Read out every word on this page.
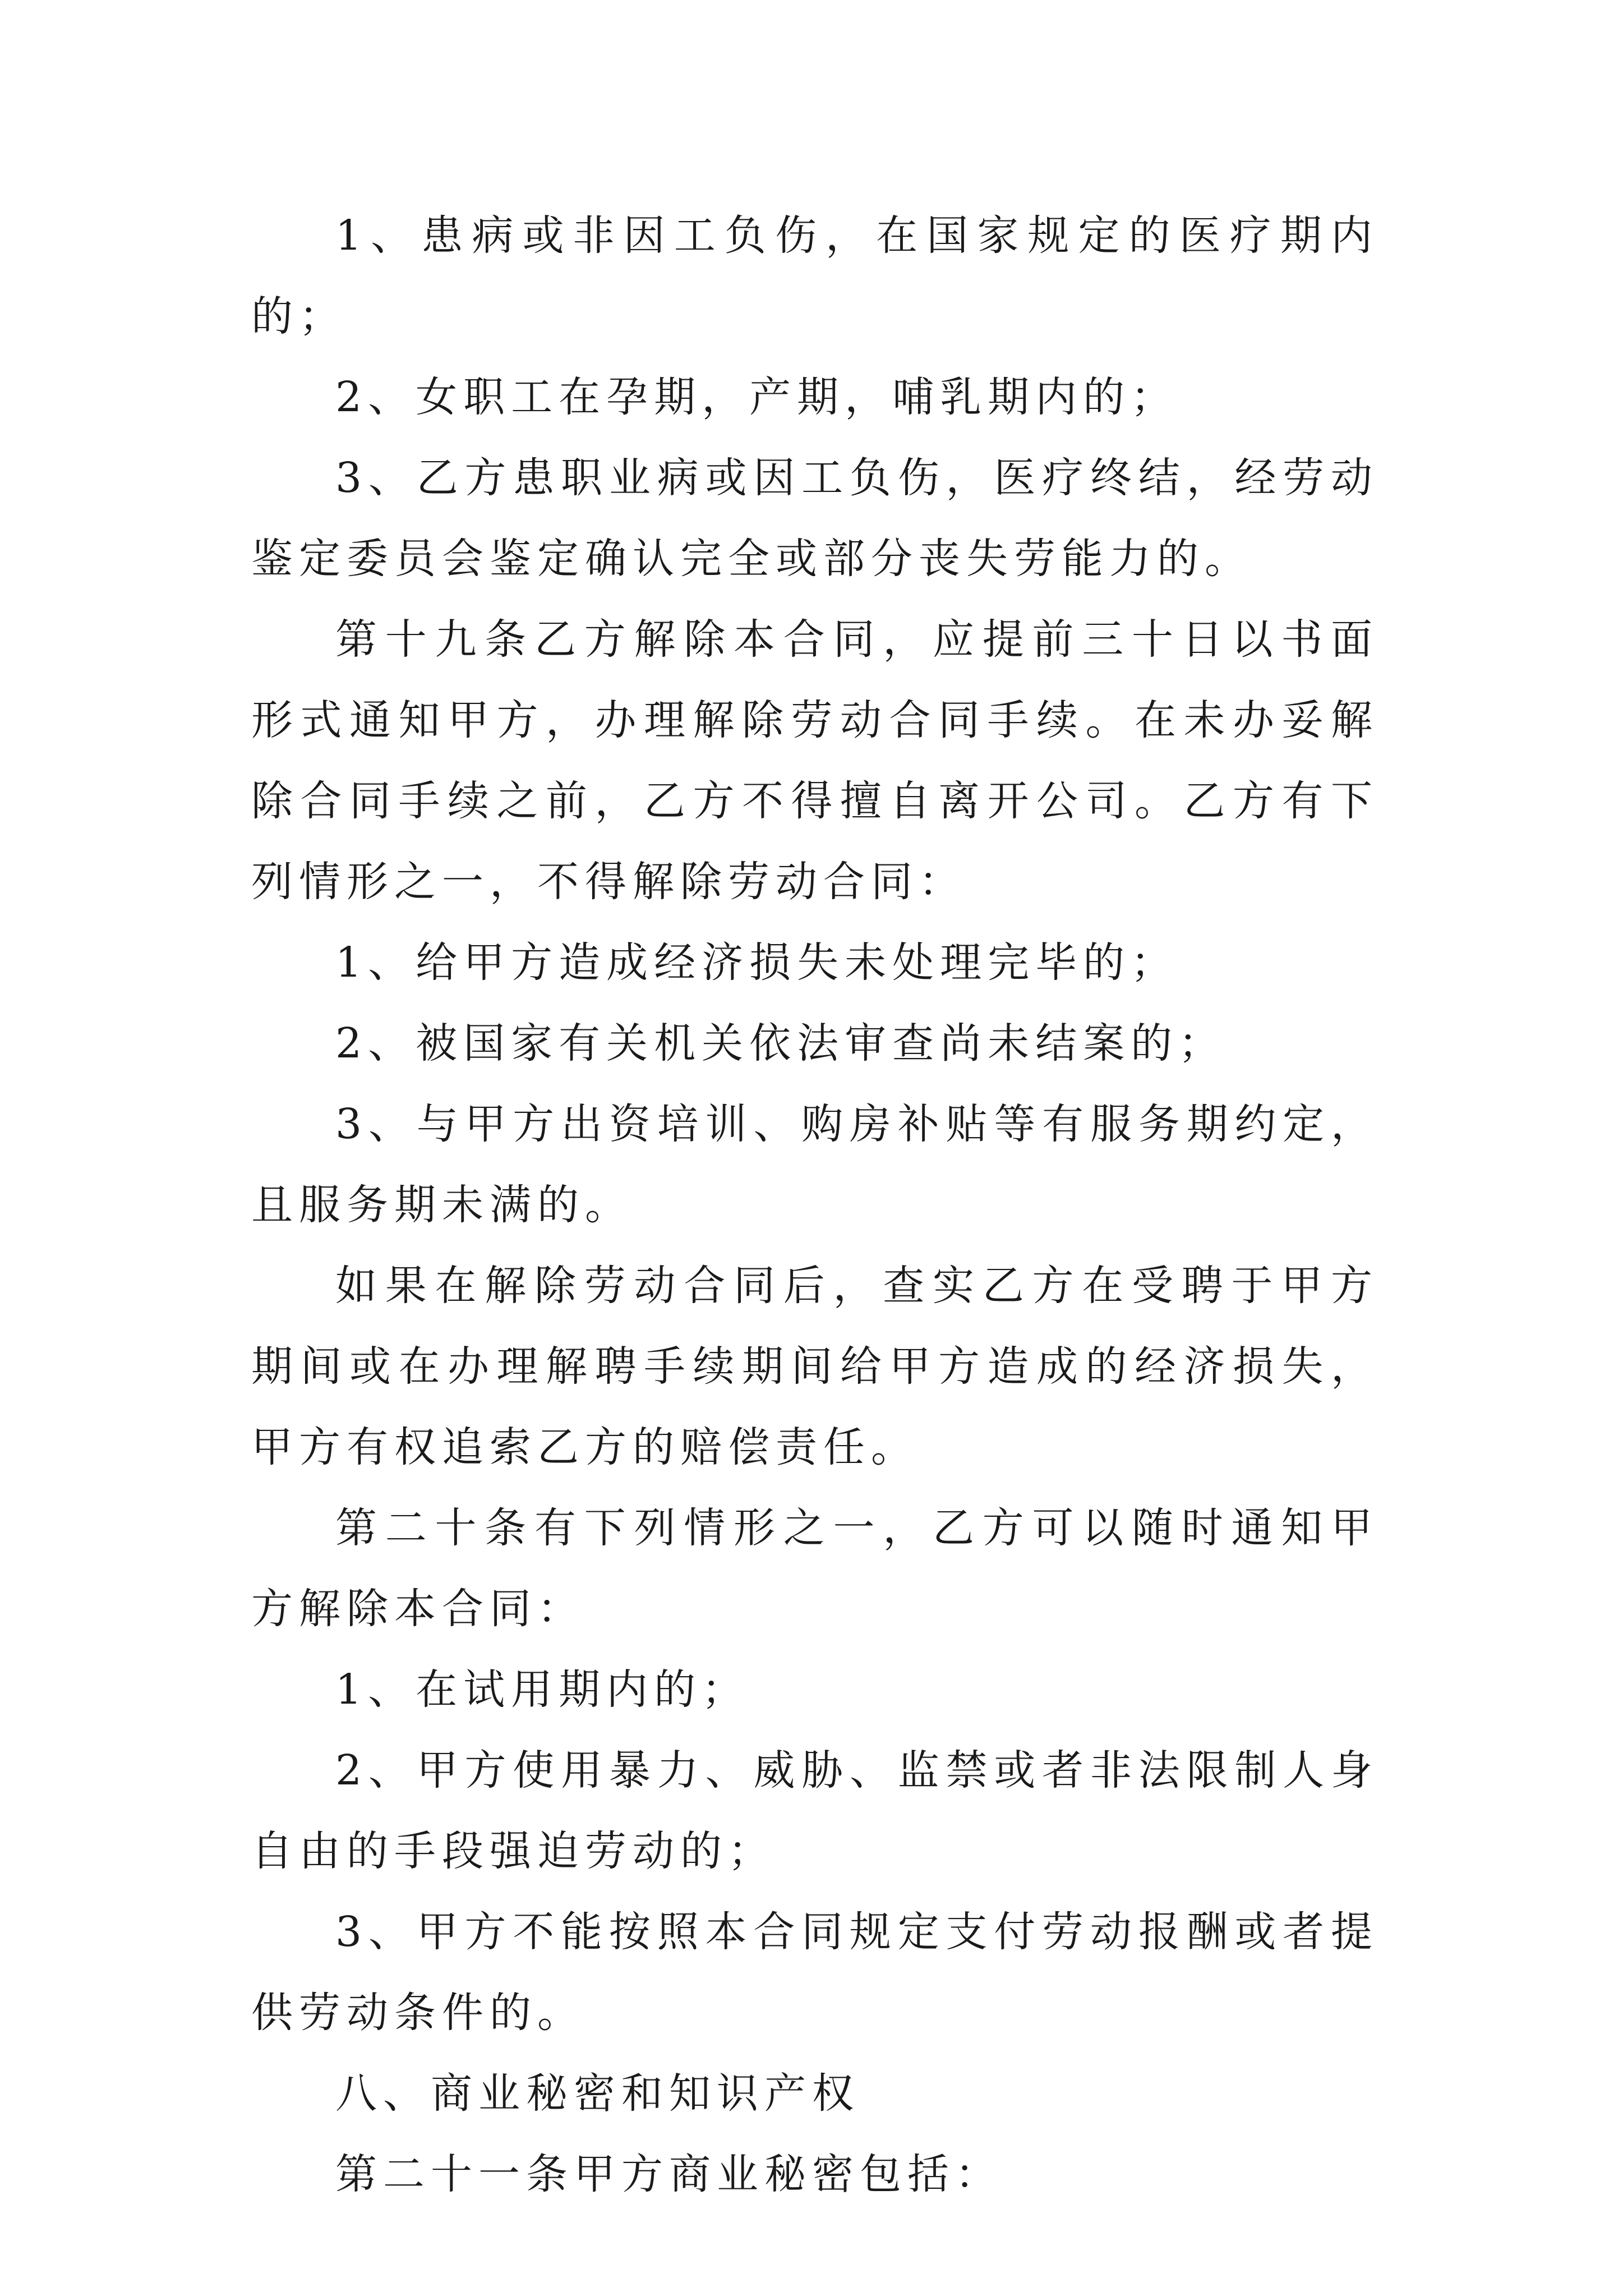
1、患病或非因工负伤，在国家规定的医疗期内的；

2、女职工在孕期，产期，哺乳期内的；

3、乙方患职业病或因工负伤，医疗终结，经劳动鉴定委员会鉴定确认完全或部分丧失劳能力的。

第十九条乙方解除本合同，应提前三十日以书面形式通知甲方，办理解除劳动合同手续。在未办妥解除合同手续之前，乙方不得擅自离开公司。乙方有下列情形之一，不得解除劳动合同：

1、给甲方造成经济损失未处理完毕的；

2、被国家有关机关依法审查尚未结案的；

3、与甲方出资培训、购房补贴等有服务期约定，且服务期未满的。

如果在解除劳动合同后，查实乙方在受聘于甲方期间或在办理解聘手续期间给甲方造成的经济损失，甲方有权追索乙方的赔偿责任。

第二十条有下列情形之一，乙方可以随时通知甲方解除本合同：

1、在试用期内的；

2、甲方使用暴力、威胁、监禁或者非法限制人身自由的手段强迫劳动的；

3、甲方不能按照本合同规定支付劳动报酬或者提供劳动条件的。

八、商业秘密和知识产权

第二十一条甲方商业秘密包括：
